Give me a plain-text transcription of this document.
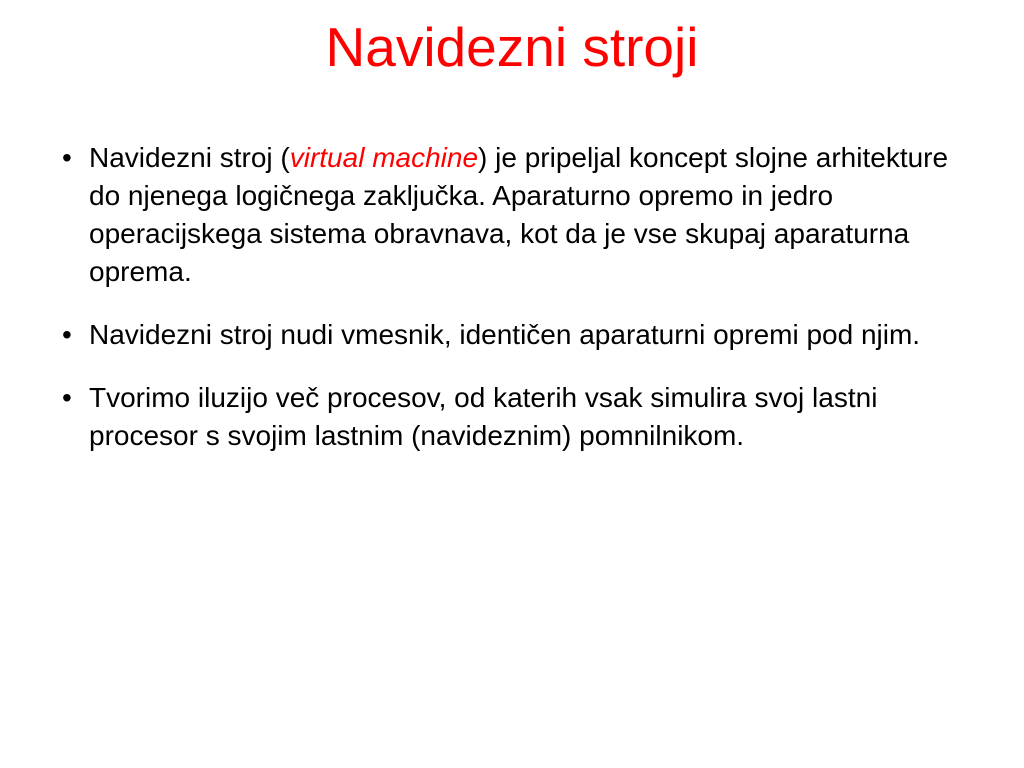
Navidezni stroji
• Navidezni stroj (virtual machine) je pripeljal koncept slojne arhitekture do njenega logičnega zaključka. Aparaturno opremo in jedro operacijskega sistema obravnava, kot da je vse skupaj aparaturna oprema.
• Navidezni stroj nudi vmesnik, identičen aparaturni opremi pod njim.
• Tvorimo iluzijo več procesov, od katerih vsak simulira svoj lastni procesor s svojim lastnim (navideznim) pomnilnikom.
